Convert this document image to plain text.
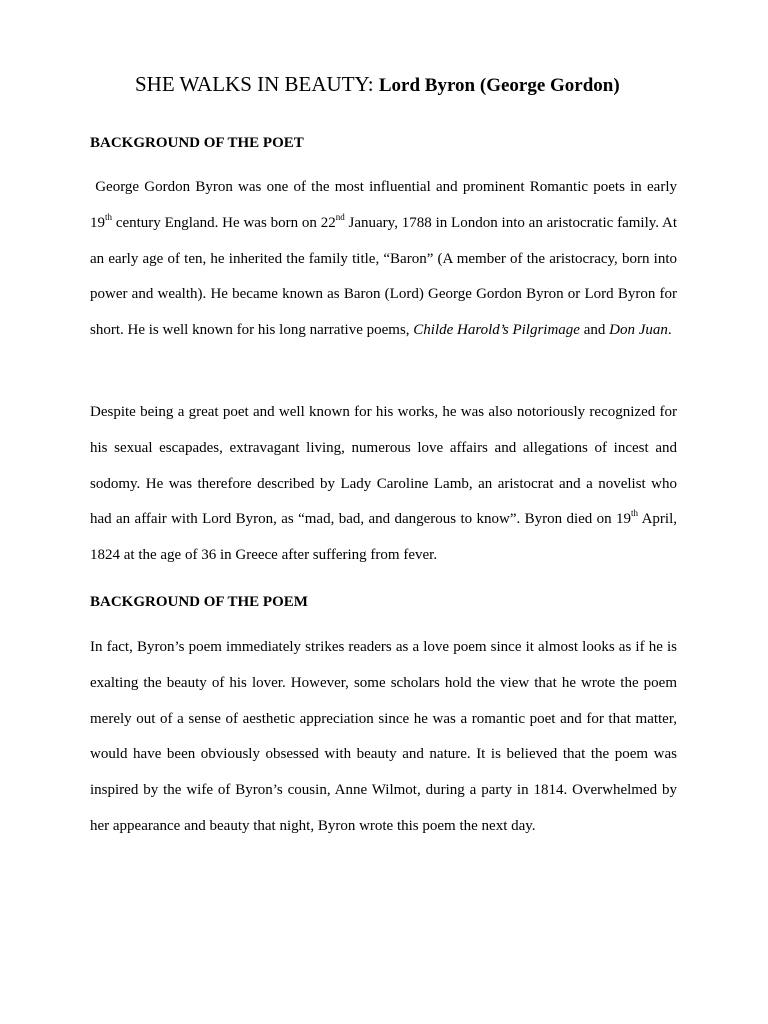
SHE WALKS IN BEAUTY: Lord Byron (George Gordon)
BACKGROUND OF THE POET
George Gordon Byron was one of the most influential and prominent Romantic poets in early 19th century England. He was born on 22nd January, 1788 in London into an aristocratic family. At an early age of ten, he inherited the family title, “Baron” (A member of the aristocracy, born into power and wealth). He became known as Baron (Lord) George Gordon Byron or Lord Byron for short. He is well known for his long narrative poems, Childe Harold’s Pilgrimage and Don Juan.
Despite being a great poet and well known for his works, he was also notoriously recognized for his sexual escapades, extravagant living, numerous love affairs and allegations of incest and sodomy. He was therefore described by Lady Caroline Lamb, an aristocrat and a novelist who had an affair with Lord Byron, as “mad, bad, and dangerous to know”. Byron died on 19th April, 1824 at the age of 36 in Greece after suffering from fever.
BACKGROUND OF THE POEM
In fact, Byron’s poem immediately strikes readers as a love poem since it almost looks as if he is exalting the beauty of his lover. However, some scholars hold the view that he wrote the poem merely out of a sense of aesthetic appreciation since he was a romantic poet and for that matter, would have been obviously obsessed with beauty and nature. It is believed that the poem was inspired by the wife of Byron’s cousin, Anne Wilmot, during a party in 1814. Overwhelmed by her appearance and beauty that night, Byron wrote this poem the next day.
